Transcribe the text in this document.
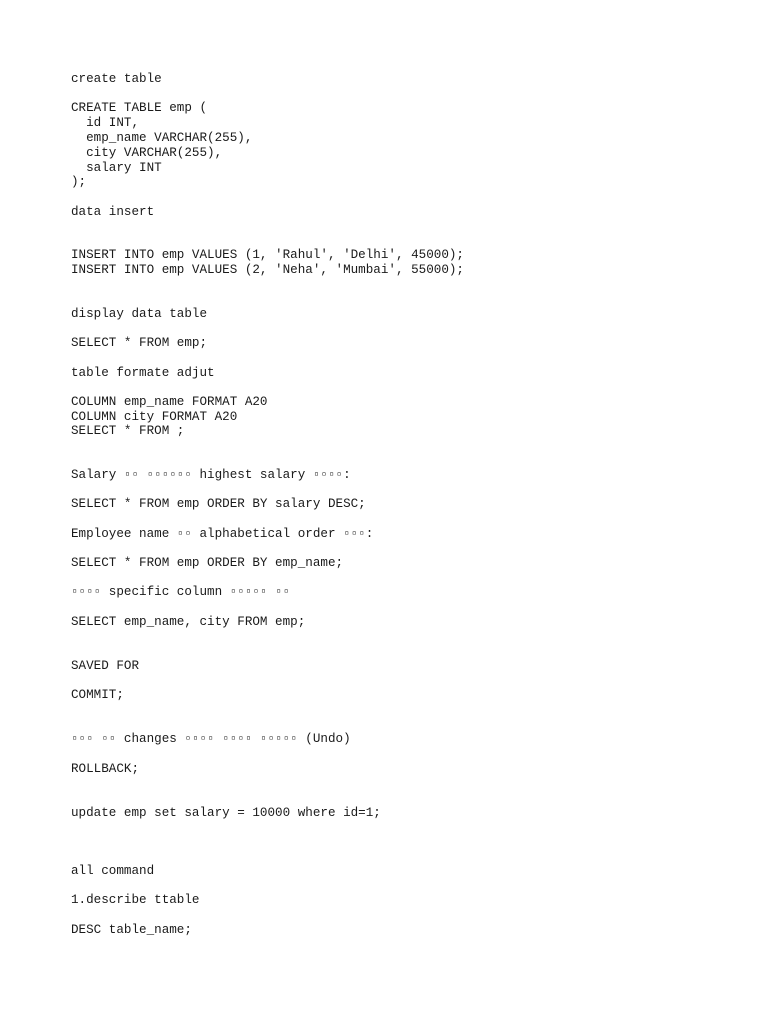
create table

CREATE TABLE emp (

id INT,

emp_name VARCHAR(255),

city VARCHAR(255),

salary INT

);

data insert

INSERT INTO emp VALUES (1, 'Rahul', 'Delhi', 45000);

INSERT INTO emp VALUES (2, 'Neha', 'Mumbai', 55000);

display data table

SELECT * FROM emp;

table formate adjut

COLUMN emp_name FORMAT A20

COLUMN city FORMAT A20

SELECT * FROM ;

Salary ▫▫ ▫▫▫▫▫▫ highest salary ▫▫▫▫:

SELECT * FROM emp ORDER BY salary DESC;

Employee name ▫▫ alphabetical order ▫▫▫:

SELECT * FROM emp ORDER BY emp_name;

▫▫▫▫ specific column ▫▫▫▫▫ ▫▫

SELECT emp_name, city FROM emp;

SAVED FOR

COMMIT;

▫▫▫ ▫▫ changes ▫▫▫▫ ▫▫▫▫ ▫▫▫▫▫ (Undo)

ROLLBACK;

update emp set salary = 10000 where id=1;

all command

1.describe ttable

DESC table_name;
